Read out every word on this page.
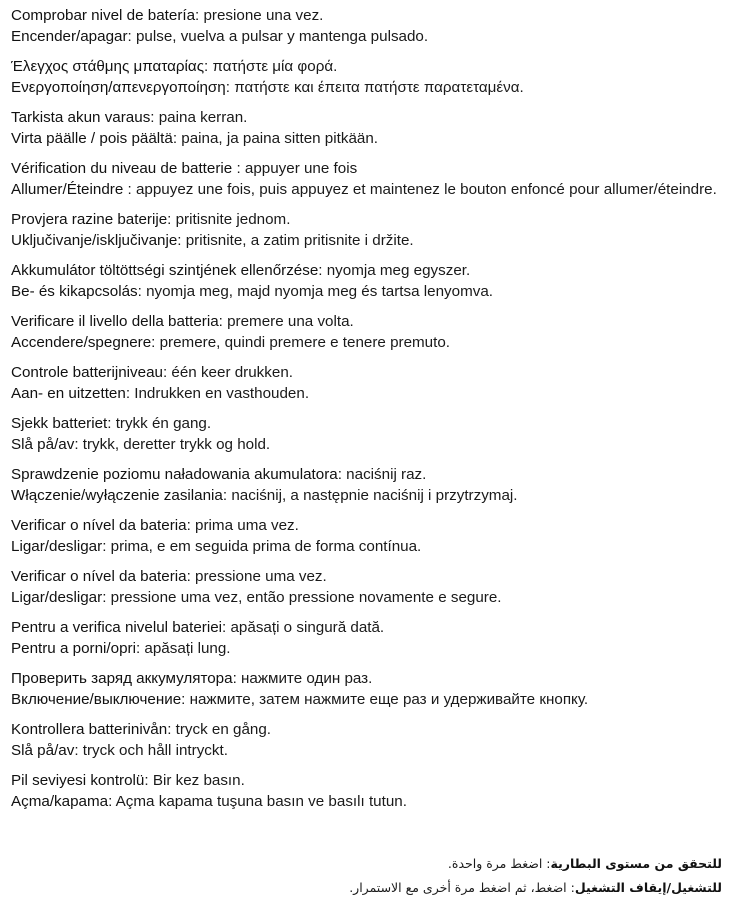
Comprobar nivel de batería: presione una vez.
Encender/apagar: pulse, vuelva a pulsar y mantenga pulsado.
Έλεγχος στάθμης μπαταρίας: πατήστε μία φορά.
Ενεργοποίηση/απενεργοποίηση: πατήστε και έπειτα πατήστε παρατεταμένα.
Tarkista akun varaus: paina kerran.
Virta päälle / pois päältä: paina, ja paina sitten pitkään.
Vérification du niveau de batterie : appuyer une fois
Allumer/Éteindre : appuyez une fois, puis appuyez et maintenez le bouton enfoncé pour allumer/éteindre.
Provjera razine baterije: pritisnite jednom.
Uključivanje/isključivanje: pritisnite, a zatim pritisnite i držite.
Akkumulátor töltöttségi szintjének ellenőrzése: nyomja meg egyszer.
Be- és kikapcsolás: nyomja meg, majd nyomja meg és tartsa lenyomva.
Verificare il livello della batteria: premere una volta.
Accendere/spegnere: premere, quindi premere e tenere premuto.
Controle batterijniveau: één keer drukken.
Aan- en uitzetten: Indrukken en vasthouden.
Sjekk batteriet: trykk én gang.
Slå på/av: trykk, deretter trykk og hold.
Sprawdzenie poziomu naładowania akumulatora: naciśnij raz.
Włączenie/wyłączenie zasilania: naciśnij, a następnie naciśnij i przytrzymaj.
Verificar o nível da bateria: prima uma vez.
Ligar/desligar: prima, e em seguida prima de forma contínua.
Verificar o nível da bateria: pressione uma vez.
Ligar/desligar: pressione uma vez, então pressione novamente e segure.
Pentru a verifica nivelul bateriei: apăsați o singură dată.
Pentru a porni/opri: apăsați lung.
Проверить заряд аккумулятора: нажмите один раз.
Включение/выключение: нажмите, затем нажмите еще раз и удерживайте кнопку.
Kontrollera batterinivån: tryck en gång.
Slå på/av: tryck och håll intryckt.
Pil seviyesi kontrolü: Bir kez basın.
Açma/kapama: Açma kapama tuşuna basın ve basılı tutun.
للتحقق من مستوى البطارية: اضغط مرة واحدة.
للتشغيل/إيقاف التشغيل: اضغط، ثم اضغط مرة أخرى مع الاستمرار.
